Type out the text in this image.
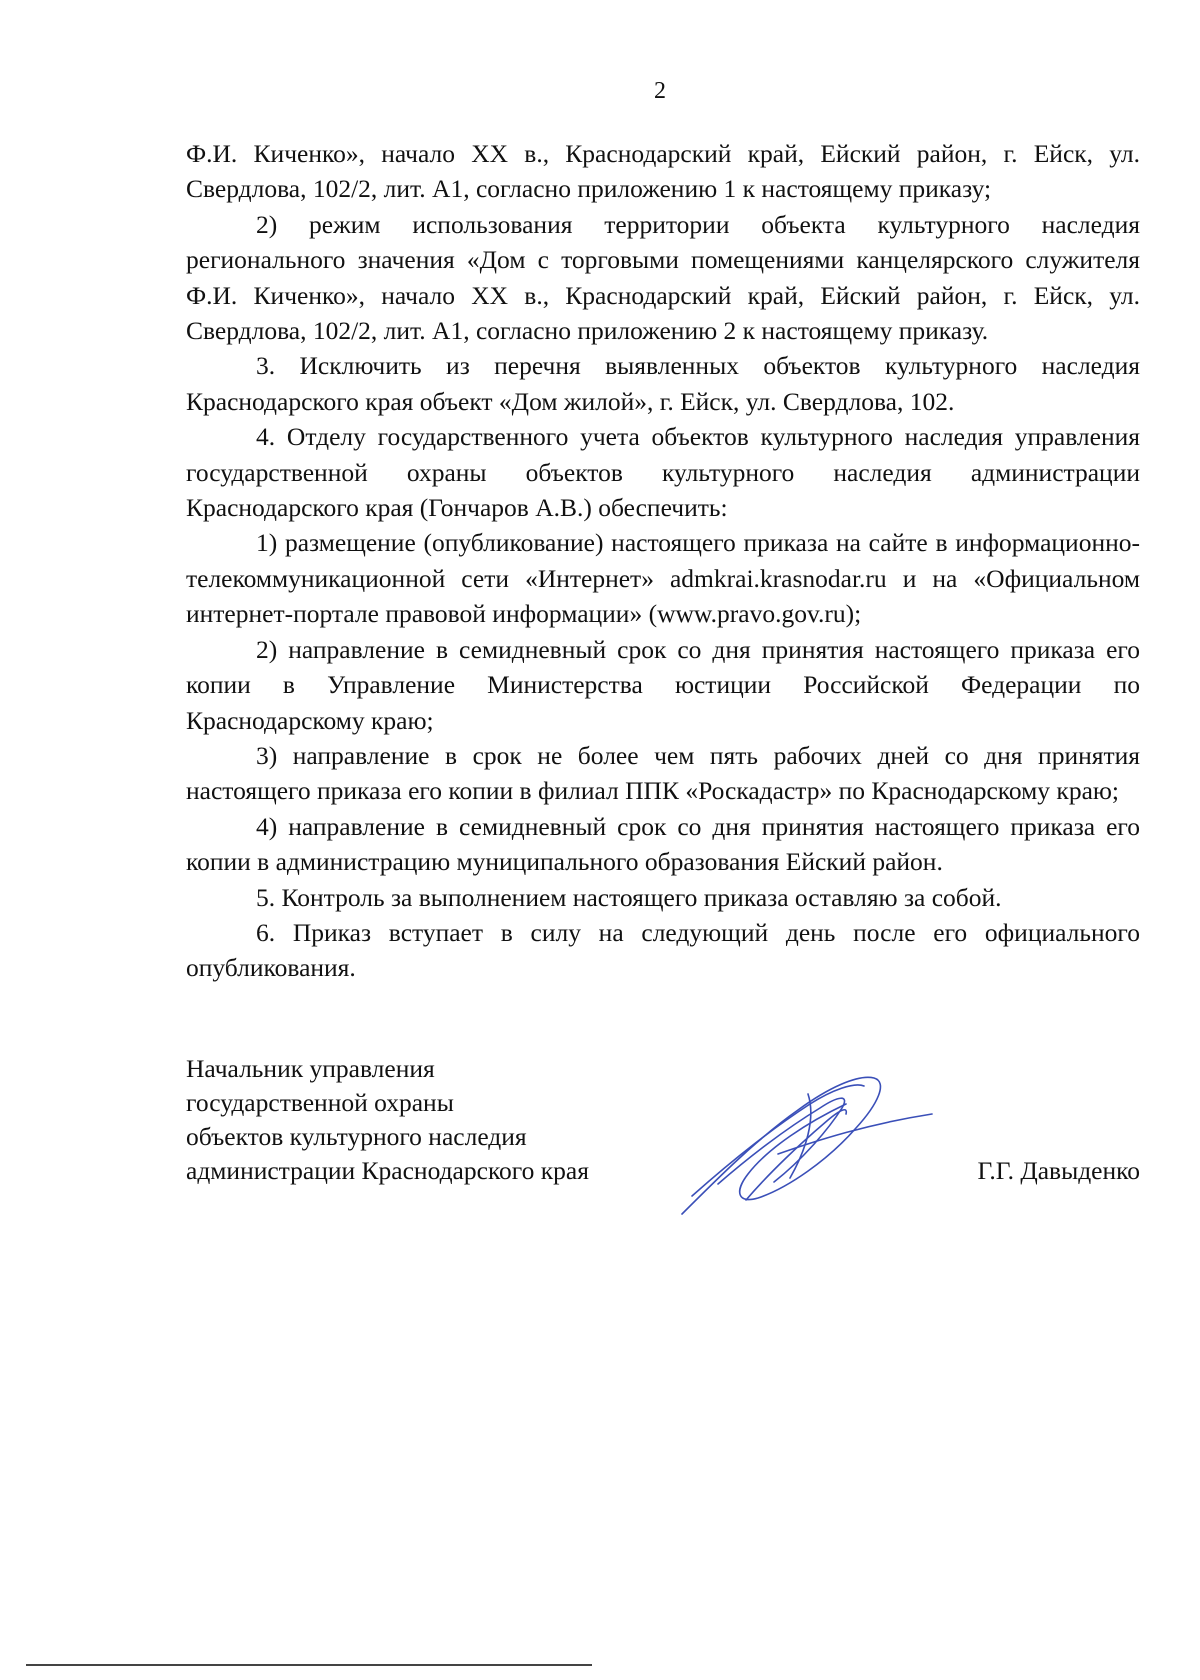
2

Ф.И. Киченко», начало XX в., Краснодарский край, Ейский район, г. Ейск, ул. Свердлова, 102/2, лит. А1, согласно приложению 1 к настоящему приказу;

2) режим использования территории объекта культурного наследия регионального значения «Дом с торговыми помещениями канцелярского служителя Ф.И. Киченко», начало XX в., Краснодарский край, Ейский район, г. Ейск, ул. Свердлова, 102/2, лит. А1, согласно приложению 2 к настоящему приказу.

3. Исключить из перечня выявленных объектов культурного наследия Краснодарского края объект «Дом жилой», г. Ейск, ул. Свердлова, 102.

4. Отделу государственного учета объектов культурного наследия управления государственной охраны объектов культурного наследия администрации Краснодарского края (Гончаров А.В.) обеспечить:

1) размещение (опубликование) настоящего приказа на сайте в информационно-телекоммуникационной сети «Интернет» admkrai.krasnodar.ru и на «Официальном интернет-портале правовой информации» (www.pravo.gov.ru);

2) направление в семидневный срок со дня принятия настоящего приказа его копии в Управление Министерства юстиции Российской Федерации по Краснодарскому краю;

3) направление в срок не более чем пять рабочих дней со дня принятия настоящего приказа его копии в филиал ППК «Роскадастр» по Краснодарскому краю;

4) направление в семидневный срок со дня принятия настоящего приказа его копии в администрацию муниципального образования Ейский район.

5. Контроль за выполнением настоящего приказа оставляю за собой.

6. Приказ вступает в силу на следующий день после его официального опубликования.

Начальник управления
государственной охраны
объектов культурного наследия
администрации Краснодарского края	Г.Г. Давыденко
